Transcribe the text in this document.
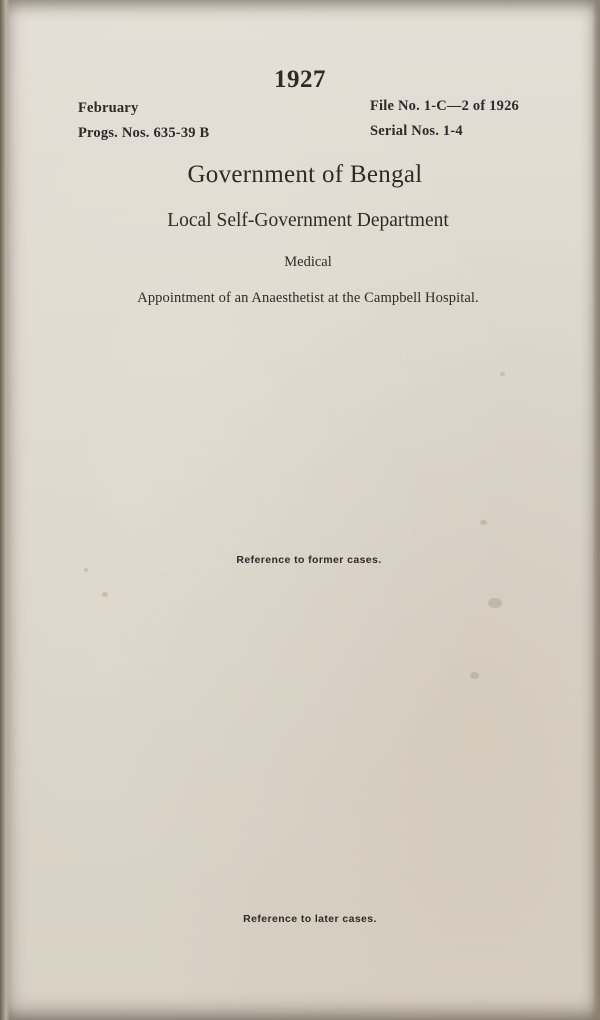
1927
February
Progs. Nos. 635-39 B
File No. 1-C—2 of 1926
Serial Nos. 1-4
Government of Bengal
Local Self-Government Department
Medical
Appointment of an Anaesthetist at the Campbell Hospital.
Reference to former cases.
Reference to later cases.
